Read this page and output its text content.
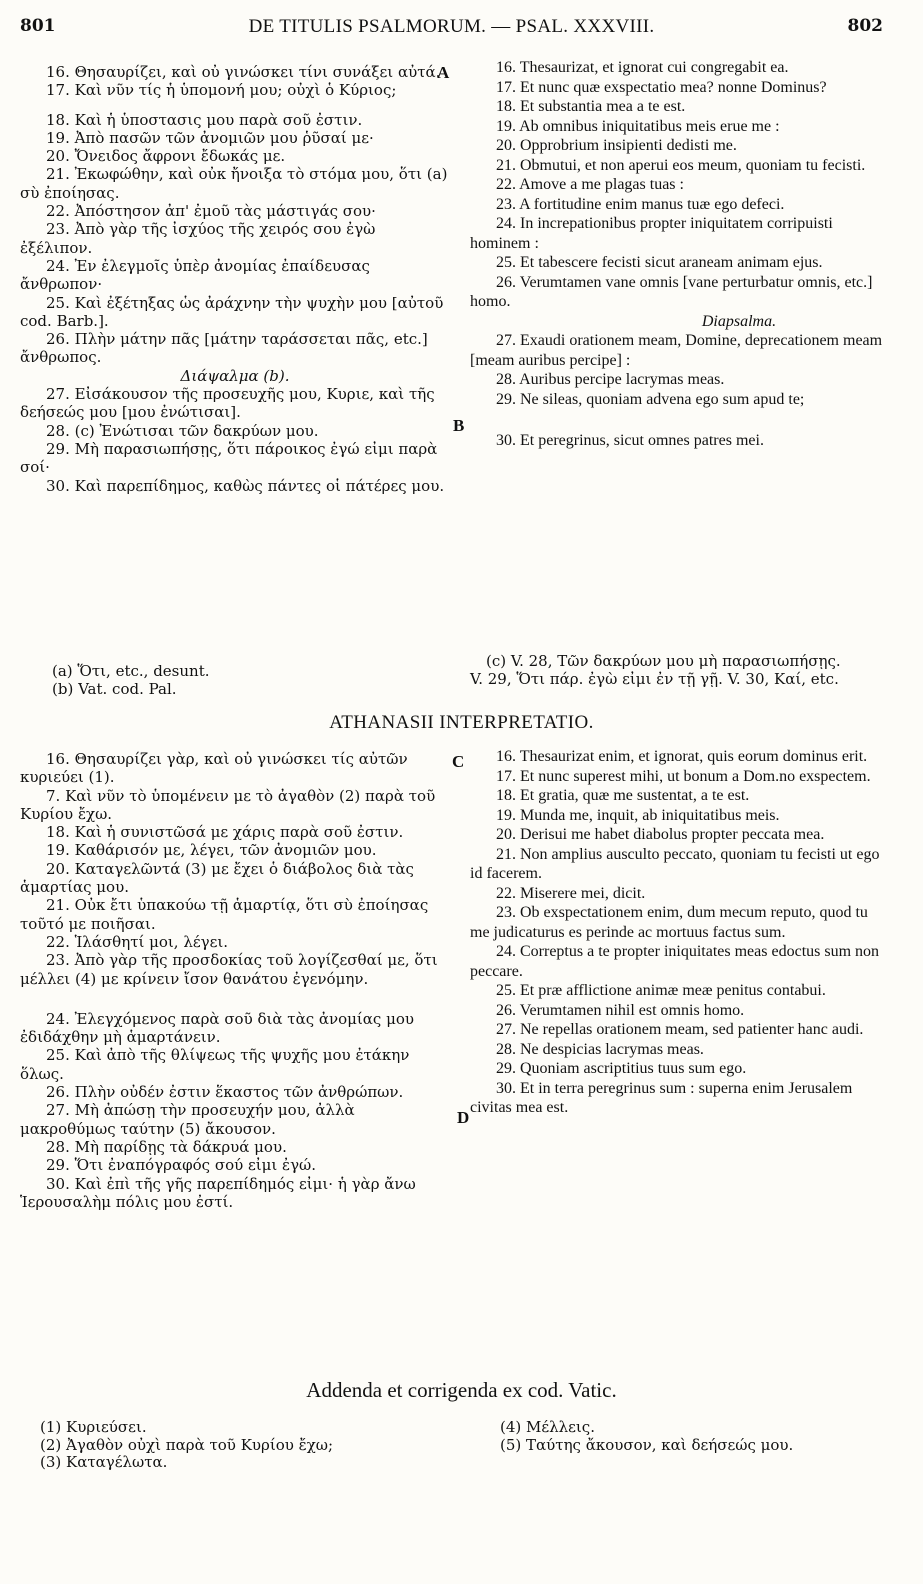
801	DE TITULIS PSALMORUM. — PSAL. XXXVIII.	802

16. Θησαυρίζει, καὶ οὐ γινώσκει τίνι συνάξει αὐτά.

17. Καὶ νῦν τίς ἡ ὑπομονή μου; οὐχὶ ὁ Κύριος;

18. Καὶ ἡ ὑποστασις μου παρὰ σοῦ ἐστιν.

19. Ἀπὸ πασῶν τῶν ἀνομιῶν μου ῥῦσαί με·

20. Ὄνειδος ἄφρονι ἔδωκάς με.

21. Ἐκωφώθην, καὶ οὐκ ἤνοιξα τὸ στόμα μου, ὅτι (a) σὺ ἐποίησας.

22. Ἀπόστησον ἀπ' ἐμοῦ τὰς μάστιγάς σου·

23. Ἀπὸ γὰρ τῆς ἰσχύος τῆς χειρός σου ἐγὼ ἐξέλιπον.

24. Ἐν ἐλεγμοῖς ὑπὲρ ἀνομίας ἐπαίδευσας ἄνθρωπον·

25. Καὶ ἐξέτηξας ὡς ἀράχνην τὴν ψυχὴν μου [αὐτοῦ cod. Barb.].

26. Πλὴν μάτην πᾶς [μάτην ταράσσεται πᾶς, etc.] ἄνθρωπος.

Διάψαλμα (b).

27. Εἰσάκουσον τῆς προσευχῆς μου, Κυριε, καὶ τῆς δεήσεώς μου [μου ἐνώτισαι].

28. (c) Ἐνώτισαι τῶν δακρύων μου.

29. Μὴ παρασιωπήσῃς, ὅτι πάροικος ἐγώ εἰμι παρὰ σοί·

30. Καὶ παρεπίδημος, καθὼς πάντες οἱ πάτέρες μου.

16. Thesaurizat, et ignorat cui congregabit ea.

17. Et nunc quæ exspectatio mea? nonne Dominus?

18. Et substantia mea a te est.

19. Ab omnibus iniquitatibus meis erue me :

20. Opprobrium insipienti dedisti me.

21. Obmutui, et non aperui eos meum, quoniam tu fecisti.

22. Amove a me plagas tuas :

23. A fortitudine enim manus tuæ ego defeci.

24. In increpationibus propter iniquitatem corripuisti hominem :

25. Et tabescere fecisti sicut araneam animam ejus.

26. Verumtamen vane omnis [vane perturbatur omnis, etc.] homo.

Diapsalma.

27. Exaudi orationem meam, Domine, deprecationem meam [meam auribus percipe] :

28. Auribus percipe lacrymas meas.

29. Ne sileas, quoniam advena ego sum apud te;

30. Et peregrinus, sicut omnes patres mei.

A
B

(a) Ὅτι, etc., desunt.

(b) Vat. cod. Pal.

(c) V. 28, Τῶν δακρύων μου μὴ παρασιωπήσῃς.

V. 29, Ὅτι πάρ. ἐγὼ εἰμι ἐν τῇ γῇ. V. 30, Καί, etc.

ATHANASII INTERPRETATIO.

16. Θησαυρίζει γὰρ, καὶ οὐ γινώσκει τίς αὐτῶν κυριεύει (1).

7. Καὶ νῦν τὸ ὑπομένειν με τὸ ἀγαθὸν (2) παρὰ τοῦ Κυρίου ἔχω.

18. Καὶ ἡ συνιστῶσά με χάρις παρὰ σοῦ ἐστιν.

19. Καθάρισόν με, λέγει, τῶν ἀνομιῶν μου.

20. Καταγελῶντά (3) με ἔχει ὁ διάβολος διὰ τὰς ἁμαρτίας μου.

21. Οὐκ ἔτι ὑπακούω τῇ ἁμαρτίᾳ, ὅτι σὺ ἐποίησας τοῦτό με ποιῆσαι.

22. Ἱλάσθητί μοι, λέγει.

23. Ἀπὸ γὰρ τῆς προσδοκίας τοῦ λογίζεσθαί με, ὅτι μέλλει (4) με κρίνειν ἴσον θανάτου ἐγενόμην.

24. Ἐλεγχόμενος παρὰ σοῦ διὰ τὰς ἀνομίας μου ἐδιδάχθην μὴ ἁμαρτάνειν.

25. Καὶ ἀπὸ τῆς θλίψεως τῆς ψυχῆς μου ἐτάκην ὅλως.

26. Πλὴν οὐδέν ἐστιν ἕκαστος τῶν ἀνθρώπων.

27. Μὴ ἀπώσῃ τὴν προσευχήν μου, ἀλλὰ μακροθύμως ταύτην (5) ἄκουσον.

28. Μὴ παρίδῃς τὰ δάκρυά μου.

29. Ὅτι ἐναπόγραφός σού εἰμι ἐγώ.

30. Καὶ ἐπὶ τῆς γῆς παρεπίδημός εἰμι· ἡ γὰρ ἄνω Ἱερουσαλὴμ πόλις μου ἐστί.

16. Thesaurizat enim, et ignorat, quis eorum dominus erit.

17. Et nunc superest mihi, ut bonum a Dom.no exspectem.

18. Et gratia, quæ me sustentat, a te est.

19. Munda me, inquit, ab iniquitatibus meis.

20. Derisui me habet diabolus propter peccata mea.

21. Non amplius ausculto peccato, quoniam tu fecisti ut ego id facerem.

22. Miserere mei, dicit.

23. Ob exspectationem enim, dum mecum reputo, quod tu me judicaturus es perinde ac mortuus factus sum.

24. Correptus a te propter iniquitates meas edoctus sum non peccare.

25. Et præ afflictione animæ meæ penitus contabui.

26. Verumtamen nihil est omnis homo.

27. Ne repellas orationem meam, sed patienter hanc audi.

28. Ne despicias lacrymas meas.

29. Quoniam ascriptitius tuus sum ego.

30. Et in terra peregrinus sum : superna enim Jerusalem civitas mea est.

C
D
Addenda et corrigenda ex cod. Vatic.

(1) Κυριεύσει.

(2) Ἀγαθὸν οὐχὶ παρὰ τοῦ Κυρίου ἔχω;

(3) Καταγέλωτα.

(4) Μέλλεις.

(5) Ταύτης ἄκουσον, καὶ δεήσεώς μου.
